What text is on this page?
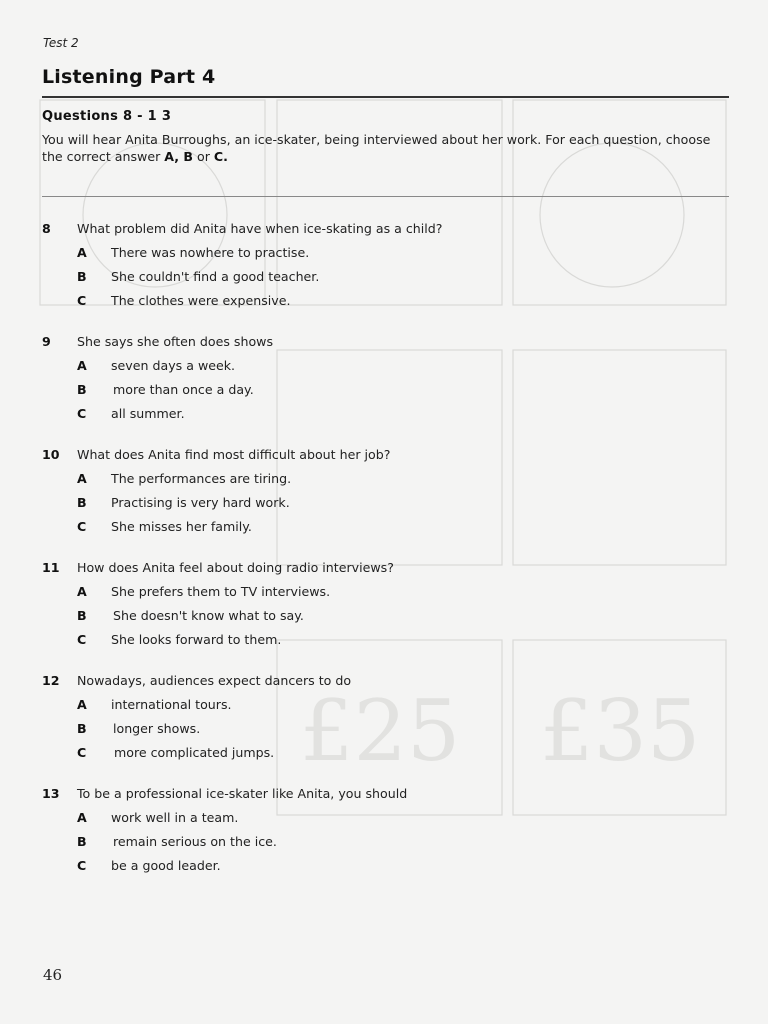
£25 £35
Test 2
Listening Part 4
Questions 8 - 1 3
You will hear Anita Burroughs, an ice-skater, being interviewed about her work. For each question, choose the correct answer A, B or C.
8 What problem did Anita have when ice-skating as a child?
A There was nowhere to practise.
B She couldn't find a good teacher.
C The clothes were expensive.
9 She says she often does shows
A seven days a week.
B more than once a day.
C all summer.
10 What does Anita find most difficult about her job?
A The performances are tiring.
B Practising is very hard work.
C She misses her family.
11 How does Anita feel about doing radio interviews?
A She prefers them to TV interviews.
B She doesn't know what to say.
C She looks forward to them.
12 Nowadays, audiences expect dancers to do
A international tours.
B longer shows.
C more complicated jumps.
13 To be a professional ice-skater like Anita, you should
A work well in a team.
B remain serious on the ice.
C be a good leader.
46
